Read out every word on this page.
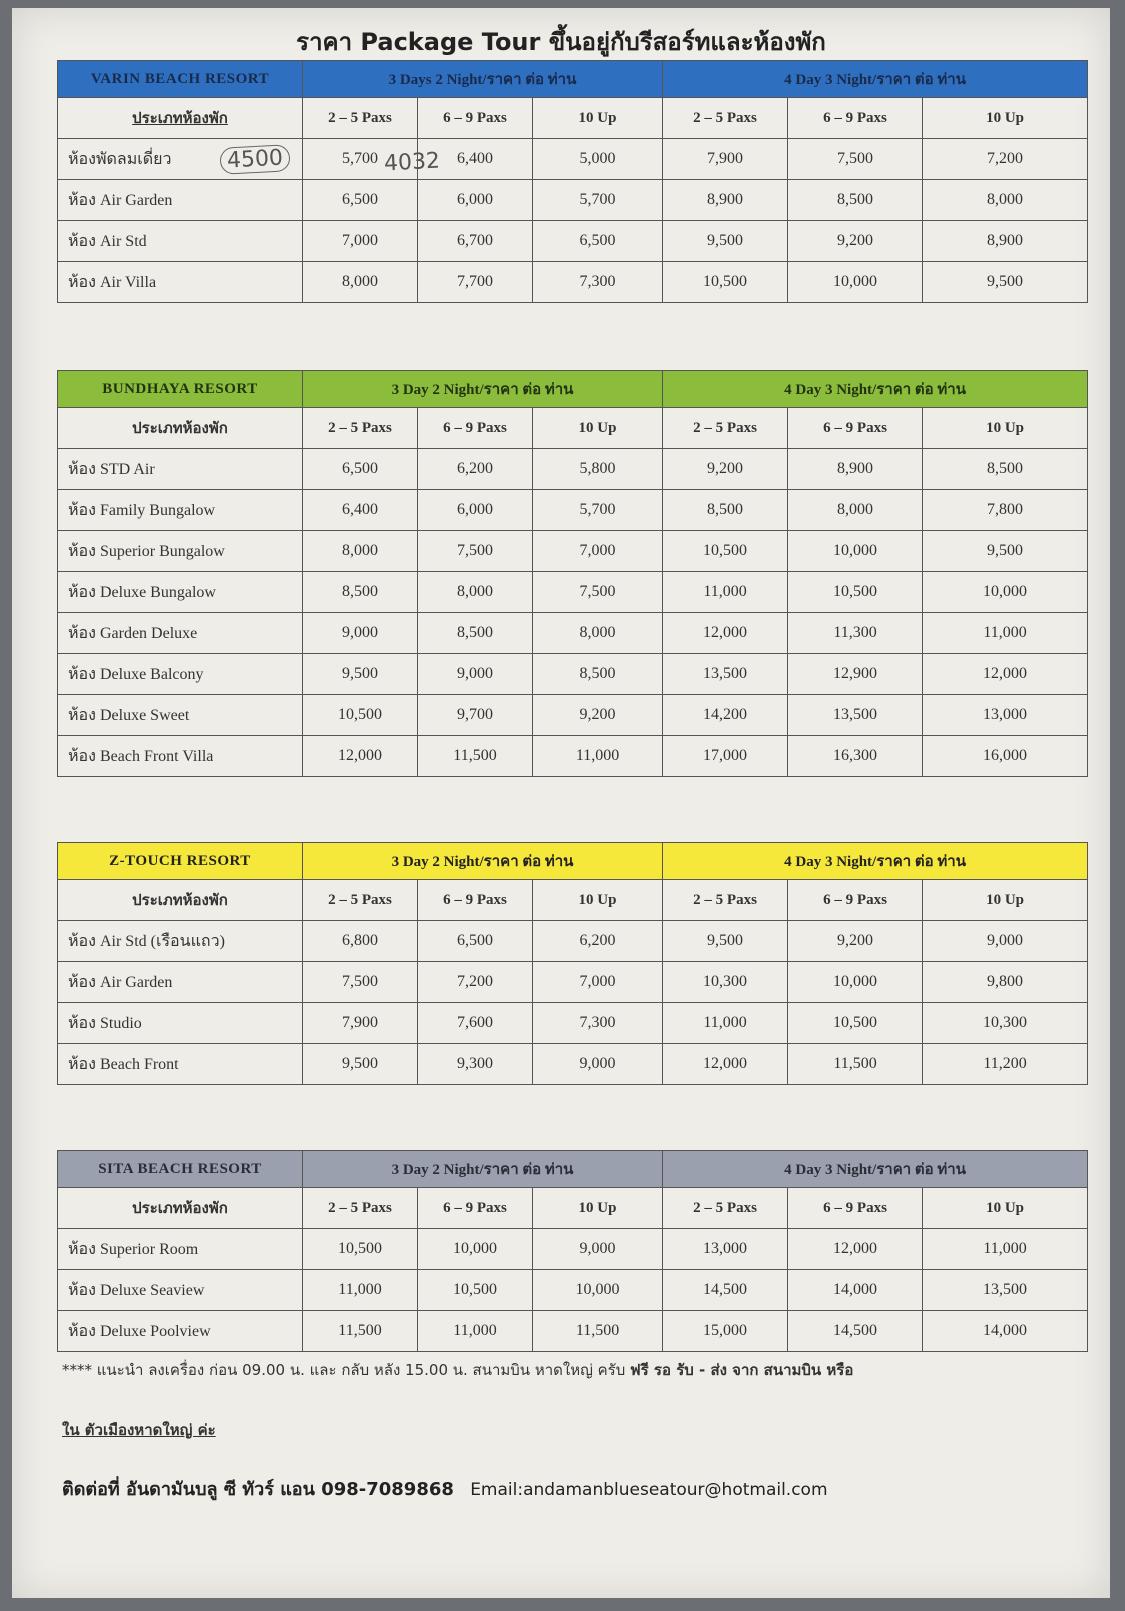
ราคา Package Tour ขึ้นอยู่กับรีสอร์ทและห้องพัก
VARIN BEACH RESORT	3 Days 2 Night/ราคา ต่อ ท่าน			4 Day 3 Night/ราคา ต่อ ท่าน		
ประเภทห้องพัก	2 – 5 Paxs	6 – 9 Paxs	10 Up	2 – 5 Paxs	6 – 9 Paxs	10 Up
ห้องพัดลมเดี่ยว	5,700	6,400	5,000	7,900	7,500	7,200
ห้อง Air Garden	6,500	6,000	5,700	8,900	8,500	8,000
ห้อง Air Std	7,000	6,700	6,500	9,500	9,200	8,900
ห้อง Air Villa	8,000	7,700	7,300	10,500	10,000	9,500
BUNDHAYA RESORT	3 Day 2 Night/ราคา ต่อ ท่าน			4 Day 3 Night/ราคา ต่อ ท่าน		
ประเภทห้องพัก	2 – 5 Paxs	6 – 9 Paxs	10 Up	2 – 5 Paxs	6 – 9 Paxs	10 Up
ห้อง STD Air	6,500	6,200	5,800	9,200	8,900	8,500
ห้อง Family Bungalow	6,400	6,000	5,700	8,500	8,000	7,800
ห้อง Superior Bungalow	8,000	7,500	7,000	10,500	10,000	9,500
ห้อง Deluxe Bungalow	8,500	8,000	7,500	11,000	10,500	10,000
ห้อง Garden Deluxe	9,000	8,500	8,000	12,000	11,300	11,000
ห้อง Deluxe Balcony	9,500	9,000	8,500	13,500	12,900	12,000
ห้อง Deluxe Sweet	10,500	9,700	9,200	14,200	13,500	13,000
ห้อง Beach Front Villa	12,000	11,500	11,000	17,000	16,300	16,000
Z-TOUCH RESORT	3 Day 2 Night/ราคา ต่อ ท่าน			4 Day 3 Night/ราคา ต่อ ท่าน		
ประเภทห้องพัก	2 – 5 Paxs	6 – 9 Paxs	10 Up	2 – 5 Paxs	6 – 9 Paxs	10 Up
ห้อง Air Std (เรือนแถว)	6,800	6,500	6,200	9,500	9,200	9,000
ห้อง Air Garden	7,500	7,200	7,000	10,300	10,000	9,800
ห้อง Studio	7,900	7,600	7,300	11,000	10,500	10,300
ห้อง Beach Front	9,500	9,300	9,000	12,000	11,500	11,200
SITA BEACH RESORT	3 Day 2 Night/ราคา ต่อ ท่าน			4 Day 3 Night/ราคา ต่อ ท่าน		
ประเภทห้องพัก	2 – 5 Paxs	6 – 9 Paxs	10 Up	2 – 5 Paxs	6 – 9 Paxs	10 Up
ห้อง Superior Room	10,500	10,000	9,000	13,000	12,000	11,000
ห้อง Deluxe Seaview	11,000	10,500	10,000	14,500	14,000	13,500
ห้อง Deluxe Poolview	11,500	11,000	11,500	15,000	14,500	14,000
4500	4032
**** แนะนำ ลงเครื่อง ก่อน 09.00 น. และ กลับ หลัง 15.00 น. สนามบิน หาดใหญ่ ครับ ฟรี รอ รับ - ส่ง จาก สนามบิน หรือ
ใน ตัวเมืองหาดใหญ่ ค่ะ
ติดต่อที่ อันดามันบลู ซี ทัวร์ แอน 098-7089868 Email:andamanblueseatour@hotmail.com
